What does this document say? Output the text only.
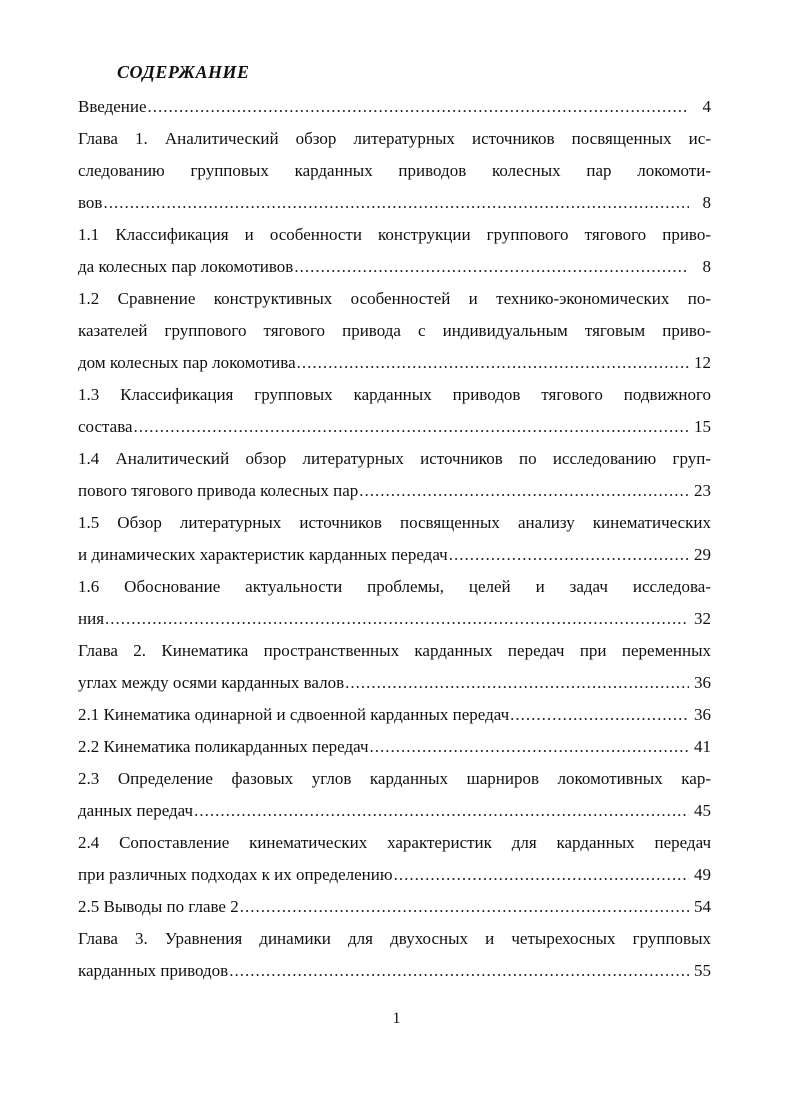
СОДЕРЖАНИЕ
Введение .....	4
Глава 1. Аналитический обзор литературных источников посвященных ис-
следованию групповых карданных приводов колесных пар локомоти-
вов .....	8
1.1 Классификация и особенности конструкции группового тягового приво-
да колесных пар локомотивов .....	8
1.2 Сравнение конструктивных особенностей и технико-экономических по-
казателей группового тягового привода с индивидуальным тяговым приво-
дом колесных пар локомотива .....	12
1.3 Классификация групповых карданных приводов тягового подвижного
состава .....	15
1.4 Аналитический обзор литературных источников по исследованию груп-
пового тягового привода колесных пар .....	23
1.5 Обзор литературных источников посвященных анализу кинематических
и динамических характеристик карданных передач .....	29
1.6 Обоснование актуальности проблемы, целей и задач исследова-
ния .....	32
Глава 2. Кинематика пространственных карданных передач при переменных
углах между осями карданных валов .....	36
2.1 Кинематика одинарной и сдвоенной карданных передач .....	36
2.2 Кинематика поликарданных передач .....	41
2.3 Определение фазовых углов карданных шарниров локомотивных кар-
данных передач .....	45
2.4 Сопоставление кинематических характеристик для карданных передач
при различных подходах к их определению .....	49
2.5 Выводы по главе 2 .....	54
Глава 3. Уравнения динамики для двухосных и четырехосных групповых
карданных приводов .....	55
1
